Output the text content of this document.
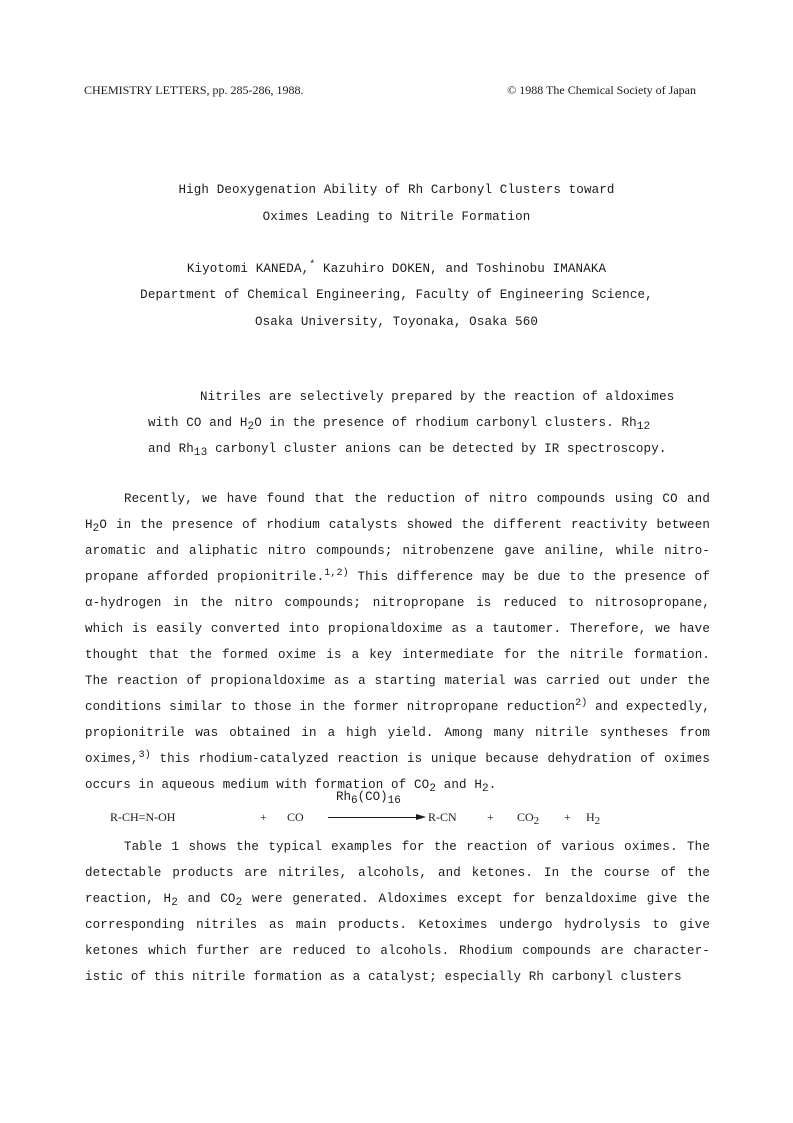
CHEMISTRY LETTERS, pp. 285-286, 1988.	© 1988 The Chemical Society of Japan
High Deoxygenation Ability of Rh Carbonyl Clusters toward
Oximes Leading to Nitrile Formation
Kiyotomi KANEDA,* Kazuhiro DOKEN, and Toshinobu IMANAKA
Department of Chemical Engineering, Faculty of Engineering Science,
Osaka University, Toyonaka, Osaka 560
Nitriles are selectively prepared by the reaction of aldoximes
with CO and $H_2O$ in the presence of rhodium carbonyl clusters. $Rh_{12}$
and $Rh_{13}$ carbonyl cluster anions can be detected by IR spectroscopy.
Recently, we have found that the reduction of nitro compounds using CO and
$H_2O$ in the presence of rhodium catalysts showed the different reactivity between
aromatic and aliphatic nitro compounds; nitrobenzene gave aniline, while nitro-
propane afforded propionitrile.$^{1,2)}$ This difference may be due to the presence of
α-hydrogen in the nitro compounds; nitropropane is reduced to nitrosopropane,
which is easily converted into propionaldoxime as a tautomer. Therefore, we have
thought that the formed oxime is a key intermediate for the nitrile formation.
The reaction of propionaldoxime as a starting material was carried out under the
conditions similar to those in the former nitropropane reduction$^{2)}$ and expectedly,
propionitrile was obtained in a high yield. Among many nitrile syntheses from
oximes,$^{3)}$ this rhodium-catalyzed reaction is unique because dehydration of oximes
occurs in aqueous medium with formation of $CO_2$ and $H_2$.
R-CH=N-OH	+ CO
$Rh_6(CO)_{16}$
R-CN	+ $CO_2 + H_2$
Table 1 shows the typical examples for the reaction of various oximes. The
detectable products are nitriles, alcohols, and ketones. In the course of the
reaction, $H_2$ and $CO_2$ were generated. Aldoximes except for benzaldoxime give the
corresponding nitriles as main products. Ketoximes undergo hydrolysis to give
ketones which further are reduced to alcohols. Rhodium compounds are character-
istic of this nitrile formation as a catalyst; especially Rh carbonyl clusters
